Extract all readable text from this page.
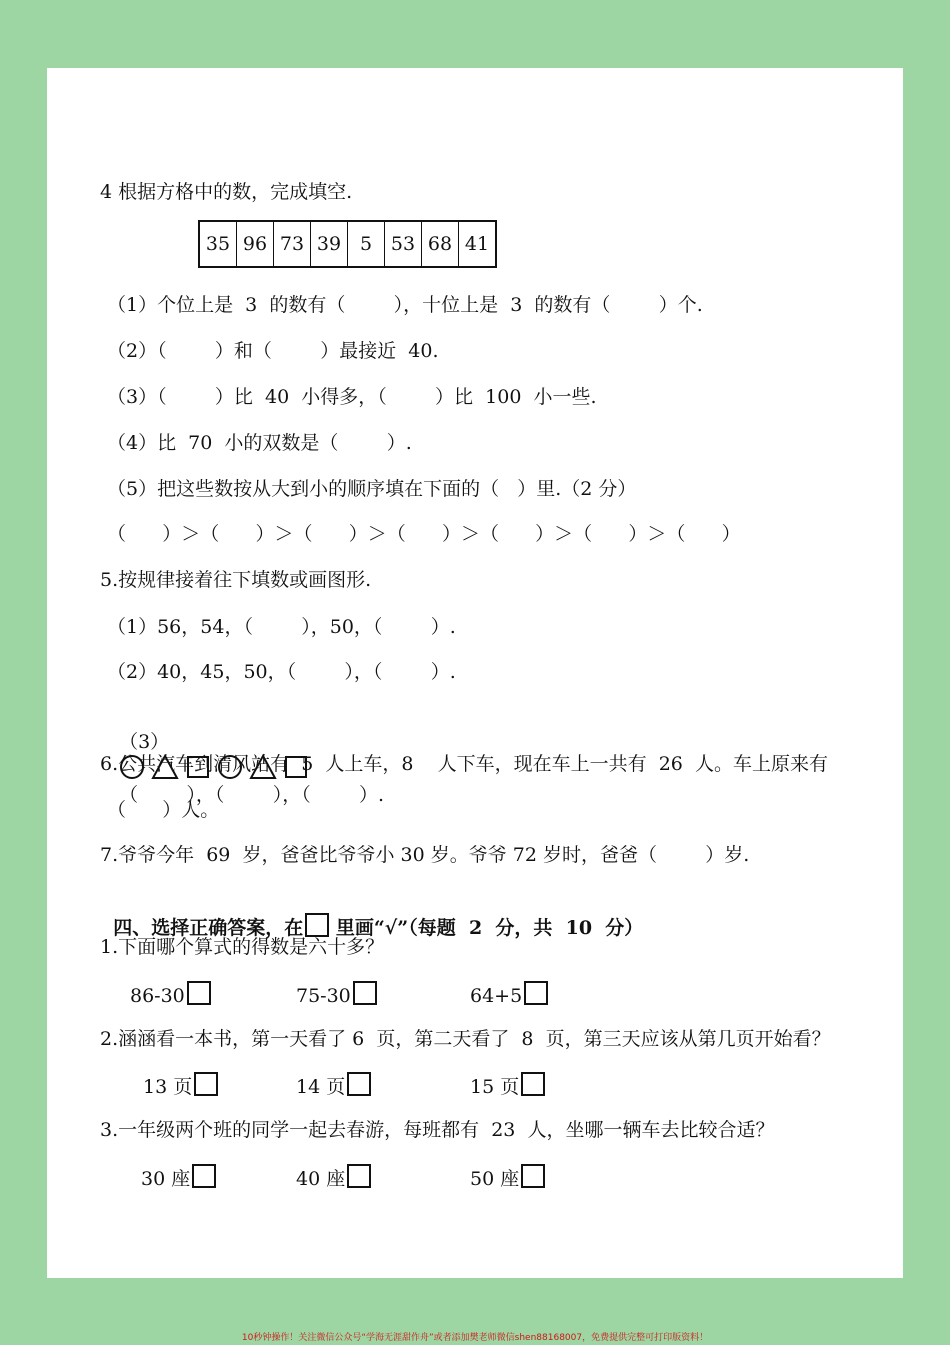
4 根据方格中的数，完成填空.
35 96 73 39 5 53 68 41
（1）个位上是  3  的数有（        ），十位上是  3  的数有（        ）个.
（2）（        ）和（        ）最接近  40.
（3）（        ）比  40  小得多，（        ）比  100  小一些.
（4）比  70  小的双数是（        ）.
（5）把这些数按从大到小的顺序填在下面的（   ）里.（2 分）
（      ）＞（      ）＞（      ）＞（      ）＞（      ）＞（      ）＞（      ）
5.按规律接着往下填数或画图形.
（1）56，54，（        ），50，（        ）.
（2）40，45，50，（        ），（        ）.

（3）

（        ），（        ），（        ）.

6.公共汽车到清风站有  5  人上车，8    人下车，现在车上一共有  26  人。车上原来有
（      ）人。
7.爷爷今年  69  岁，爸爸比爷爷小 30 岁。爷爷 72 岁时，爸爸（        ）岁.

四、选择正确答案，在 里画“√”（每题  2  分，共  10  分）

1.下面哪个算式的得数是六十多？
86-30	75-30	64+5
2.涵涵看一本书，第一天看了 6  页，第二天看了  8  页，第三天应该从第几页开始看？
13 页	14 页	15 页
3.一年级两个班的同学一起去春游，每班都有  23  人，坐哪一辆车去比较合适？
30 座	40 座	50 座
10秒钟操作！关注微信公众号“学海无涯甜作舟”或者添加樊老师微信shen88168007，免费提供完整可打印版资料！
